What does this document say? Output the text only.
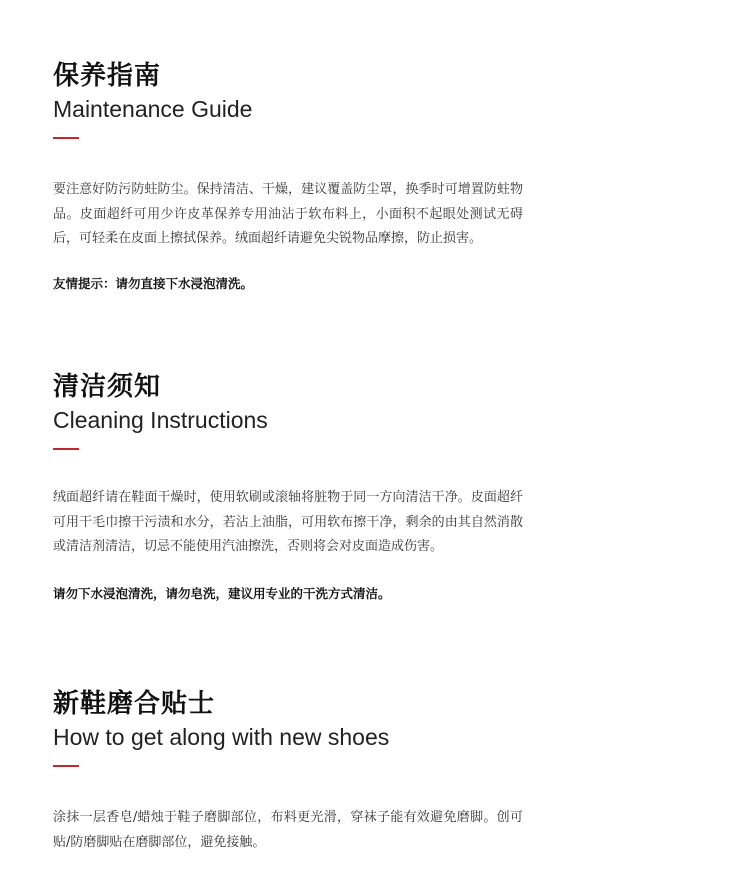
保养指南
Maintenance Guide

要注意好防污防蛀防尘。保持清洁、干燥，建议覆盖防尘罩，换季时可增置防蛀物品。皮面超纤可用少许皮革保养专用油沾于软布料上，小面积不起眼处测试无碍后，可轻柔在皮面上擦拭保养。绒面超纤请避免尖锐物品摩擦，防止损害。

友情提示：请勿直接下水浸泡清洗。

清洁须知
Cleaning Instructions

绒面超纤请在鞋面干燥时，使用软刷或滚轴将脏物于同一方向清洁干净。皮面超纤可用干毛巾擦干污渍和水分，若沾上油脂，可用软布擦干净，剩余的由其自然消散或清洁剂清洁，切忌不能使用汽油擦洗，否则将会对皮面造成伤害。

请勿下水浸泡清洗，请勿皂洗，建议用专业的干洗方式清洁。

新鞋磨合贴士
How to get along with new shoes

涂抹一层香皂/蜡烛于鞋子磨脚部位，布料更光滑，穿袜子能有效避免磨脚。创可贴/防磨脚贴在磨脚部位，避免接触。
